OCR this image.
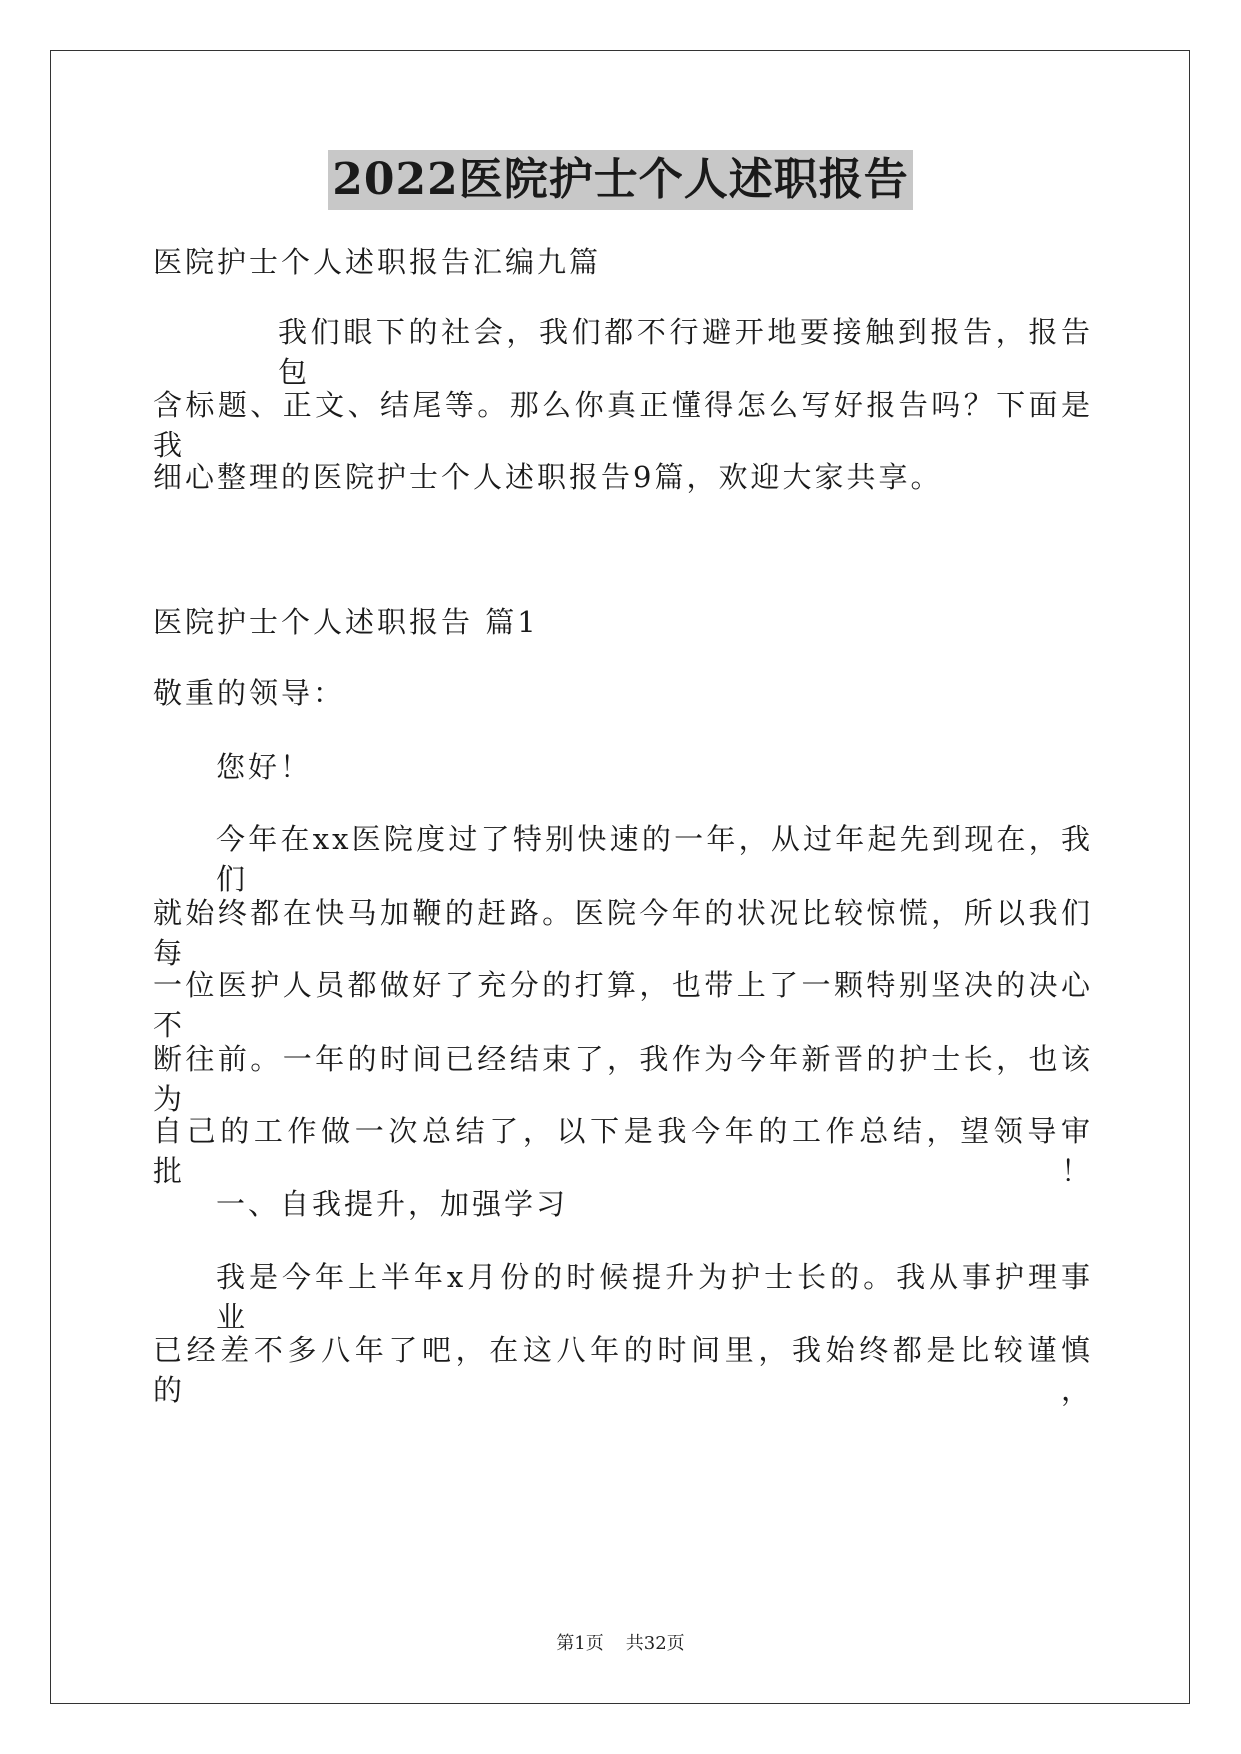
2022医院护士个人述职报告
医院护士个人述职报告汇编九篇
我们眼下的社会，我们都不行避开地要接触到报告，报告包
含标题、正文、结尾等。那么你真正懂得怎么写好报告吗？下面是我
细心整理的医院护士个人述职报告9篇，欢迎大家共享。
医院护士个人述职报告 篇1
敬重的领导：
您好！
今年在xx医院度过了特别快速的一年，从过年起先到现在，我们
就始终都在快马加鞭的赶路。医院今年的状况比较惊慌，所以我们每
一位医护人员都做好了充分的打算，也带上了一颗特别坚决的决心不
断往前。一年的时间已经结束了，我作为今年新晋的护士长，也该为
自己的工作做一次总结了，以下是我今年的工作总结，望领导审批！
一、自我提升，加强学习
我是今年上半年x月份的时候提升为护士长的。我从事护理事业
已经差不多八年了吧，在这八年的时间里，我始终都是比较谨慎的，
第1页 共32页
